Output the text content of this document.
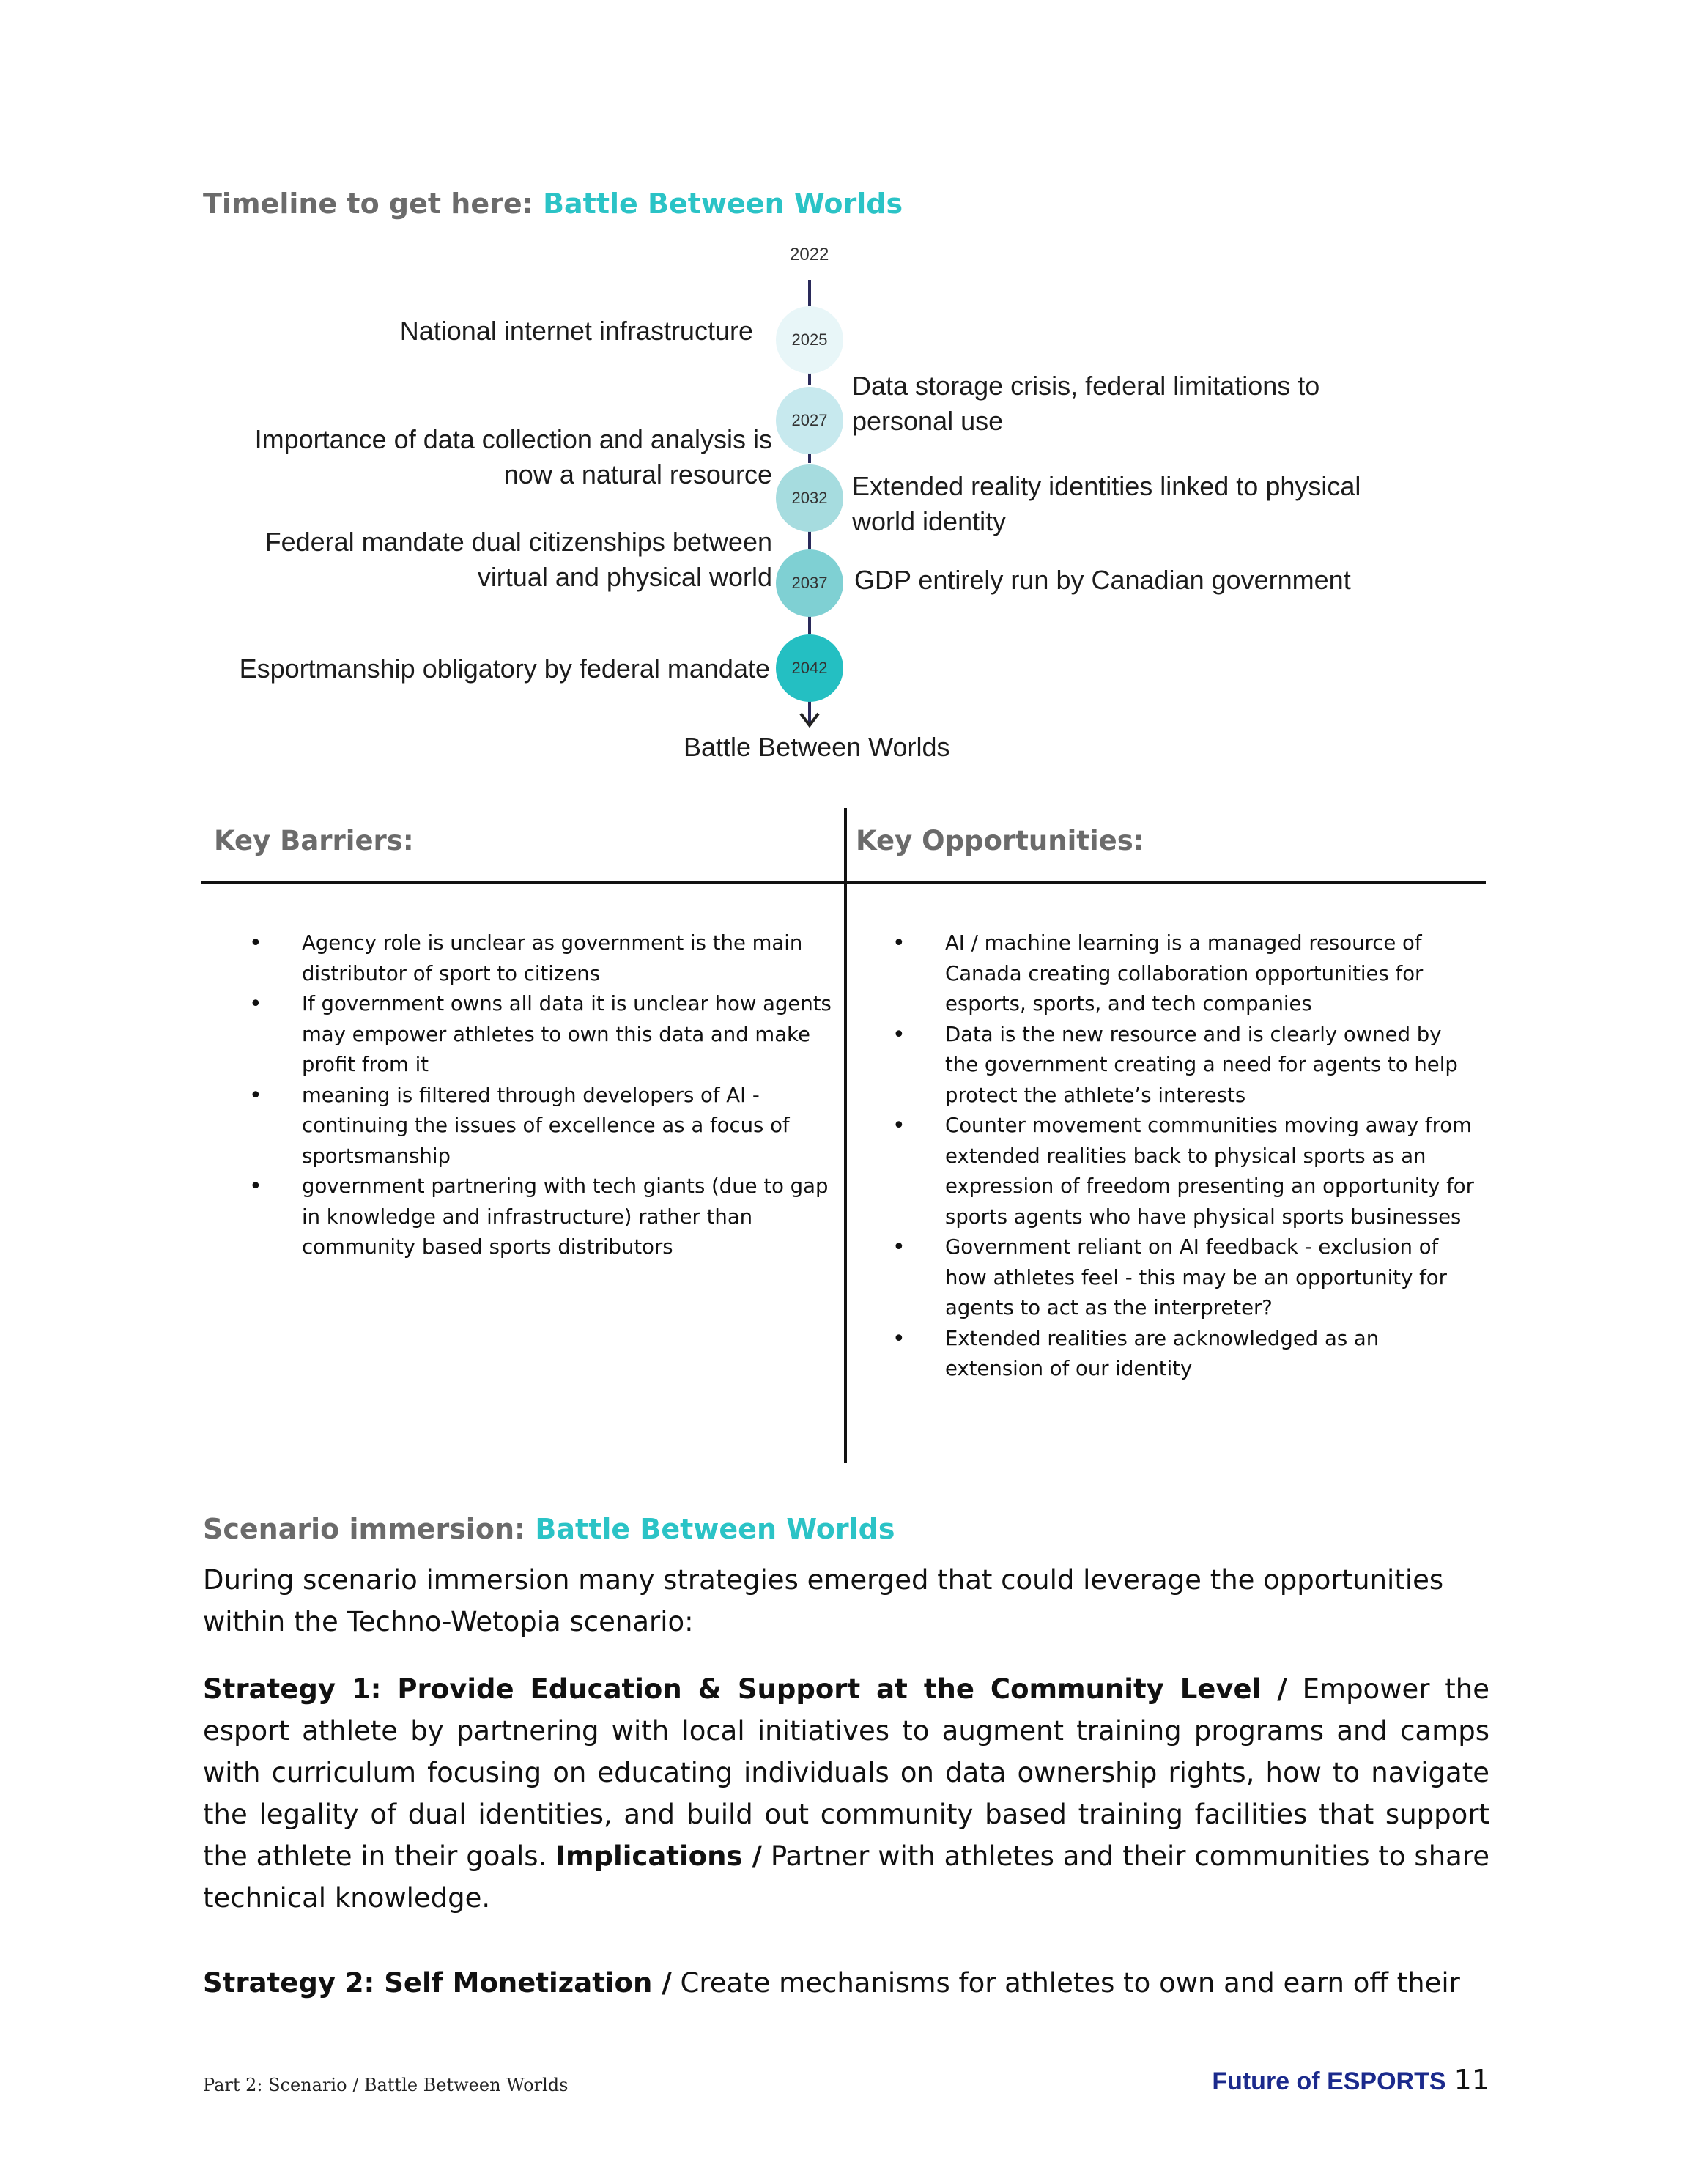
Timeline to get here: Battle Between Worlds
2022
2025
2027
2032
2037
2042
National internet infrastructure
Importance of data collection and analysis is now a natural resource
Federal mandate dual citizenships between virtual and physical world
Esportmanship obligatory by federal mandate
Data storage crisis, federal limitations to personal use
Extended reality identities linked to physical world identity
GDP entirely run by Canadian government
Battle Between Worlds
Key Barriers:	Key Opportunities:
• Agency role is unclear as government is the main distributor of sport to citizens
• If government owns all data it is unclear how agents may empower athletes to own this data and make profit from it
• meaning is filtered through developers of AI - continuing the issues of excellence as a focus of sportsmanship
• government partnering with tech giants (due to gap in knowledge and infrastructure) rather than community based sports distributors
• AI / machine learning is a managed resource of Canada creating collaboration opportunities for esports, sports, and tech companies
• Data is the new resource and is clearly owned by the government creating a need for agents to help protect the athlete’s interests
• Counter movement communities moving away from extended realities back to physical sports as an expression of freedom presenting an opportunity for sports agents who have physical sports businesses
• Government reliant on AI feedback - exclusion of how athletes feel - this may be an opportunity for agents to act as the interpreter?
• Extended realities are acknowledged as an extension of our identity
Scenario immersion: Battle Between Worlds
During scenario immersion many strategies emerged that could leverage the opportunities within the Techno-Wetopia scenario:
Strategy 1: Provide Education & Support at the Community Level / Empower the esport athlete by partnering with local initiatives to augment training programs and camps with curriculum focusing on educating individuals on data ownership rights, how to navigate the legality of dual identities, and build out community based training facilities that support the athlete in their goals. Implications / Partner with athletes and their communities to share technical knowledge.
Strategy 2: Self Monetization / Create mechanisms for athletes to own and earn off their
Part 2: Scenario / Battle Between Worlds	Future of ESPORTS 11
